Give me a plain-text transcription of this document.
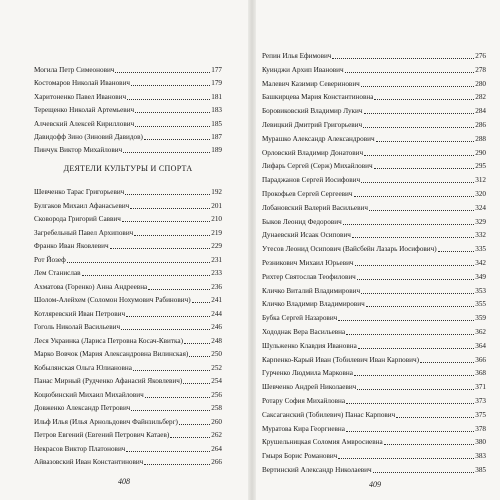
Могила Петр Симеонович	177
Костомаров Николай Иванович	179
Харитоненко Павел Иванович	181
Терещенко Николай Артемьевич	183
Алчевский Алексей Кириллович	185
Давидофф Зино (Зиновий Давидов)	187
Пинчук Виктор Михайлович	189
ДЕЯТЕЛИ КУЛЬТУРЫ И СПОРТА
Шевченко Тарас Григорьевич	192
Булгаков Михаил Афанасьевич	201
Сковорода Григорий Саввич	210
Загребельный Павел Архипович	219
Франко Иван Яковлевич	229
Рот Йозеф	231
Лем Станислав	233
Ахматова (Горенко) Анна Андреевна	236
Шолом-Алейхем (Соломон Нохумович Рабинович)	241
Котляревский Иван Петрович	244
Гоголь Николай Васильевич	246
Леся Украинка (Лариса Петровна Косач-Квитка)	248
Марко Вовчок (Мария Александровна Вилинская)	250
Кобылянская Ольга Юлиановна	252
Панас Мирный (Рудченко Афанасий Яковлевич)	254
Коцюбинский Михаил Михайлович	256
Довженко Александр Петрович	258
Ильф Илья (Илья Арнольдович Файнзильберг)	260
Петров Евгений (Евгений Петрович Катаев)	262
Некрасов Виктор Платонович	264
Айвазовский Иван Константинович	266
408
Репин Илья Ефимович	276
Куинджи Архип Иванович	278
Малевич Казимир Северинович	280
Башкирцева Мария Константиновна	282
Боровиковский Владимир Лукич	284
Левицкий Дмитрий Григорьевич	286
Мурашко Александр Александрович	288
Орловский Владимир Донатович	290
Лифарь Сергей (Серж) Михайлович	295
Параджанов Сергей Иосифович	312
Прокофьев Сергей Сергеевич	320
Лобановский Валерий Васильевич	324
Быков Леонид Федорович	329
Дунаевский Исаак Осипович	332
Утесов Леонид Осипович (Вайсбейн Лазарь Иосифович)	335
Резникович Михаил Юрьевич	342
Рихтер Святослав Теофилович	349
Кличко Виталий Владимирович	353
Кличко Владимир Владимирович	355
Бубка Сергей Назарович	359
Хододнак Вера Васильевна	362
Шульженко Клавдия Ивановна	364
Карпенко-Карый Иван (Тобилевич Иван Карпович)	366
Гурченко Людмила Марковна	368
Шевченко Андрей Николаевич	371
Ротару София Михайловна	373
Саксаганский (Тобилевич) Панас Карпович	375
Муратова Кира Георгиевна	378
Крушельницкая Соломия Амвросиевна	380
Гмыря Борис Романович	383
Вертинский Александр Николаевич	385
409
